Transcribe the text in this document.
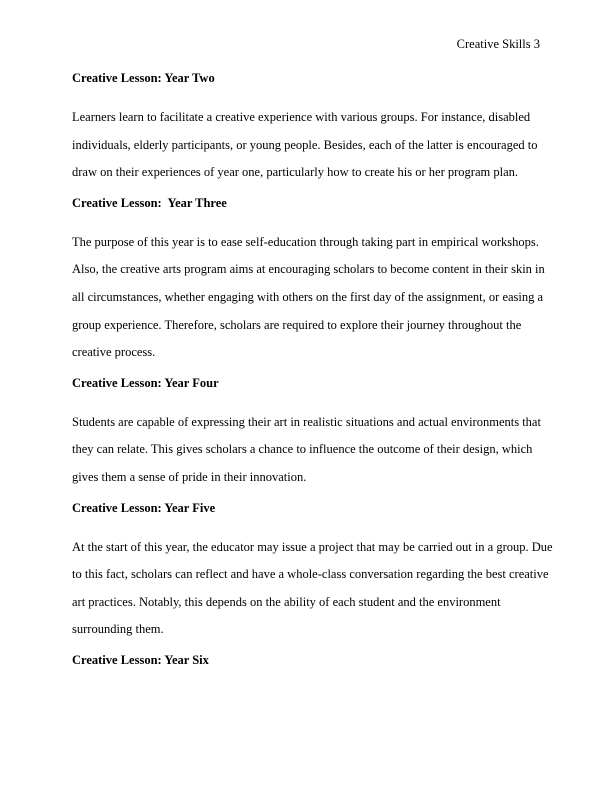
Creative Skills 3
Creative Lesson: Year Two
Learners learn to facilitate a creative experience with various groups. For instance, disabled
individuals, elderly participants, or young people. Besides, each of the latter is encouraged to
draw on their experiences of year one, particularly how to create his or her program plan.
Creative Lesson:  Year Three
The purpose of this year is to ease self-education through taking part in empirical workshops.
Also, the creative arts program aims at encouraging scholars to become content in their skin in
all circumstances, whether engaging with others on the first day of the assignment, or easing a
group experience. Therefore, scholars are required to explore their journey throughout the
creative process.
Creative Lesson: Year Four
Students are capable of expressing their art in realistic situations and actual environments that
they can relate. This gives scholars a chance to influence the outcome of their design, which
gives them a sense of pride in their innovation.
Creative Lesson: Year Five
At the start of this year, the educator may issue a project that may be carried out in a group. Due
to this fact, scholars can reflect and have a whole-class conversation regarding the best creative
art practices. Notably, this depends on the ability of each student and the environment
surrounding them.
Creative Lesson: Year Six
